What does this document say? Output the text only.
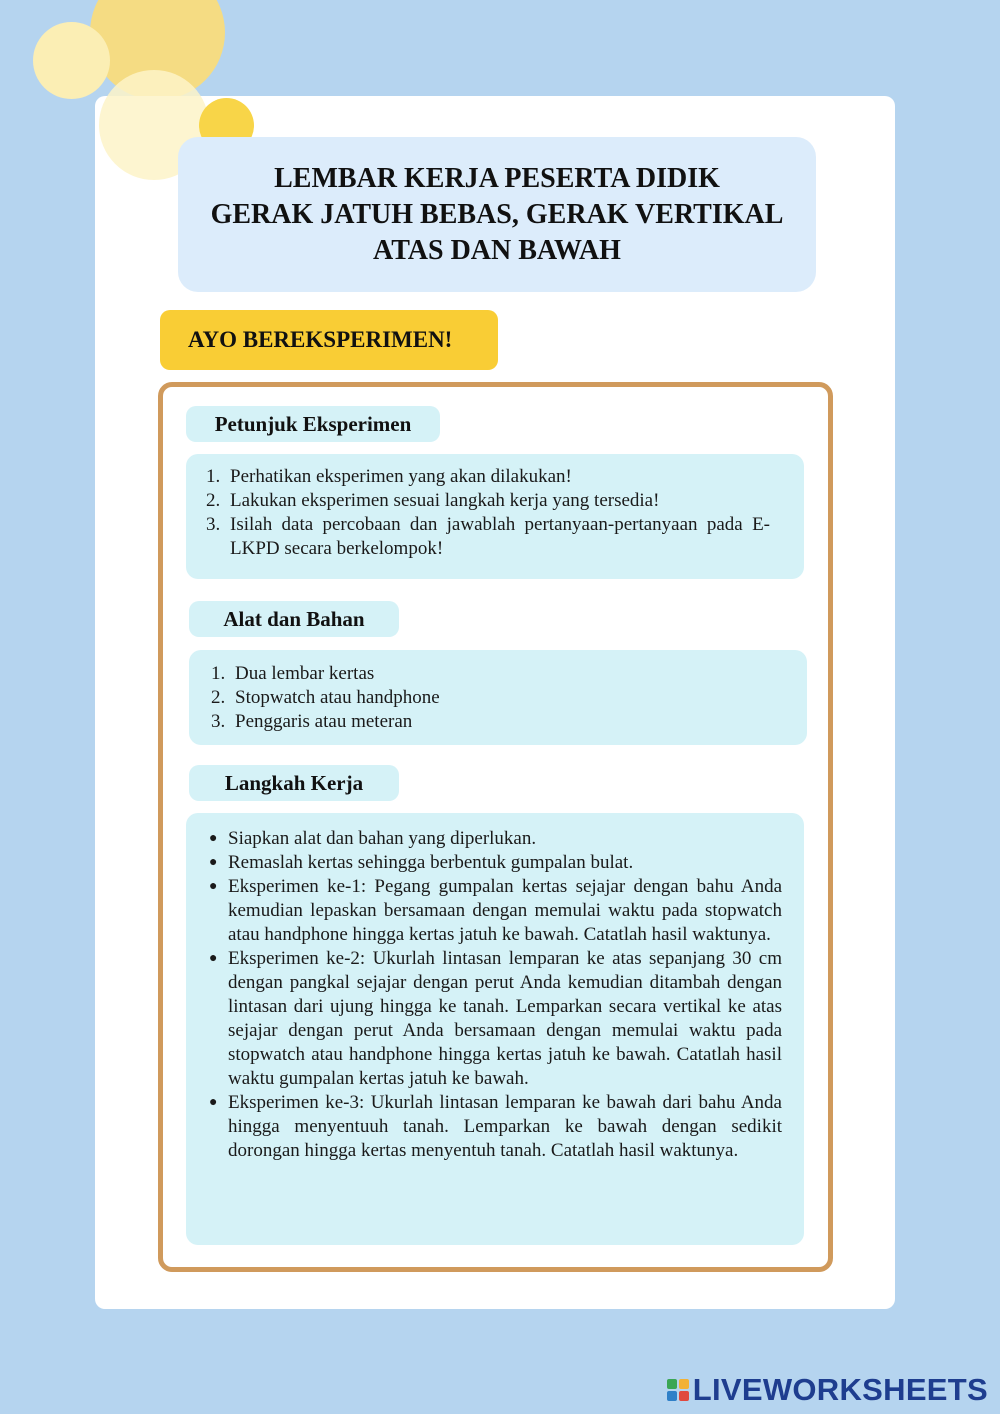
LEMBAR KERJA PESERTA DIDIK
GERAK JATUH BEBAS, GERAK VERTIKAL
ATAS DAN BAWAH
AYO BEREKSPERIMEN!
Petunjuk Eksperimen
1. Perhatikan eksperimen yang akan dilakukan!
2. Lakukan eksperimen sesuai langkah kerja yang tersedia!
3. Isilah data percobaan dan jawablah pertanyaan-pertanyaan pada E-LKPD secara berkelompok!
Alat dan Bahan
1. Dua lembar kertas
2. Stopwatch atau handphone
3. Penggaris atau meteran
Langkah Kerja
● Siapkan alat dan bahan yang diperlukan.
● Remaslah kertas sehingga berbentuk gumpalan bulat.
● Eksperimen ke-1: Pegang gumpalan kertas sejajar dengan bahu Anda kemudian lepaskan bersamaan dengan memulai waktu pada stopwatch atau handphone hingga kertas jatuh ke bawah. Catatlah hasil waktunya.
● Eksperimen ke-2: Ukurlah lintasan lemparan ke atas sepanjang 30 cm dengan pangkal sejajar dengan perut Anda kemudian ditambah dengan lintasan dari ujung hingga ke tanah. Lemparkan secara vertikal ke atas sejajar dengan perut Anda bersamaan dengan memulai waktu pada stopwatch atau handphone hingga kertas jatuh ke bawah. Catatlah hasil waktu gumpalan kertas jatuh ke bawah.
● Eksperimen ke-3: Ukurlah lintasan lemparan ke bawah dari bahu Anda hingga menyentuuh tanah. Lemparkan ke bawah dengan sedikit dorongan hingga kertas menyentuh tanah. Catatlah hasil waktunya.
LIVEWORKSHEETS
